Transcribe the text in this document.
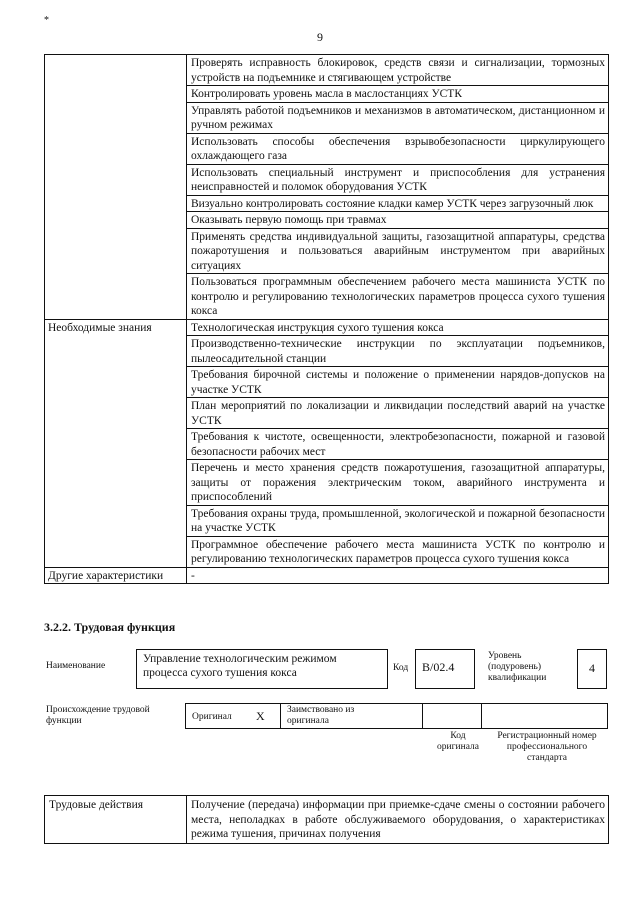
*
9
	Проверять исправность блокировок, средств связи и сигнализации, тормозных устройств на подъемнике и стягивающем устройстве
	Контролировать уровень масла в маслостанциях УСТК
	Управлять работой подъемников и механизмов в автоматическом, дистанционном и ручном режимах
	Использовать способы обеспечения взрывобезопасности циркулирующего охлаждающего газа
	Использовать специальный инструмент и приспособления для устранения неисправностей и поломок оборудования УСТК
	Визуально контролировать состояние кладки камер УСТК через загрузочный люк
	Оказывать первую помощь при травмах
	Применять средства индивидуальной защиты, газозащитной аппаратуры, средства пожаротушения и пользоваться аварийным инструментом при аварийных ситуациях
	Пользоваться программным обеспечением рабочего места машиниста УСТК по контролю и регулированию технологических параметров процесса сухого тушения кокса
Необходимые знания	Технологическая инструкция сухого тушения кокса
	Производственно-технические инструкции по эксплуатации подъемников, пылеосадительной станции
	Требования бирочной системы и положение о применении нарядов-допусков на участке УСТК
	План мероприятий по локализации и ликвидации последствий аварий на участке УСТК
	Требования к чистоте, освещенности, электробезопасности, пожарной и газовой безопасности рабочих мест
	Перечень и место хранения средств пожаротушения, газозащитной аппаратуры, защиты от поражения электрическим током, аварийного инструмента и приспособлений
	Требования охраны труда, промышленной, экологической и пожарной безопасности на участке УСТК
	Программное обеспечение рабочего места машиниста УСТК по контролю и регулированию технологических параметров процесса сухого тушения кокса
Другие характеристики	-
3.2.2. Трудовая функция
Наименование
Управление технологическим режимом процесса сухого тушения кокса	Код	B/02.4
Уровень (подуровень) квалификации
4
Происхождение трудовой функции	Оригинал X Заимствовано из оригинала
Код оригинала
Регистрационный номер профессионального стандарта
Трудовые действия	Получение (передача) информации при приемке-сдаче смены о состоянии рабочего места, неполадках в работе обслуживаемого оборудования, о характеристиках режима тушения, причинах получения
